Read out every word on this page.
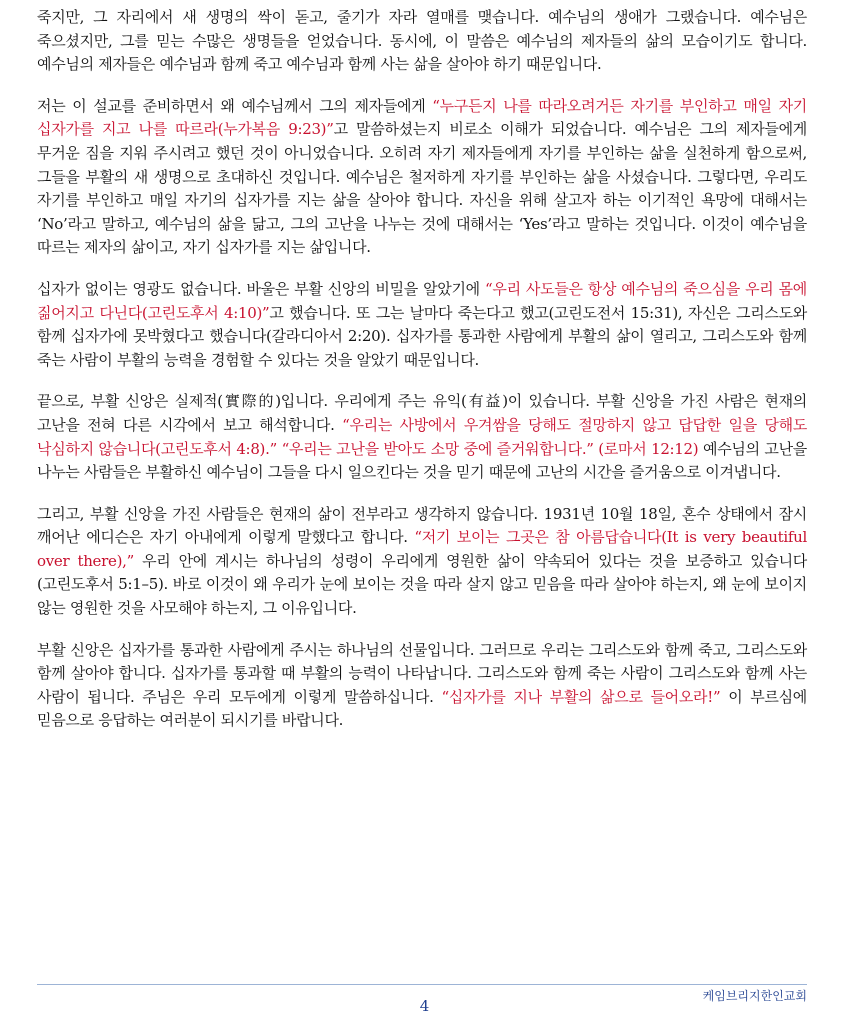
죽지만, 그 자리에서 새 생명의 싹이 돋고, 줄기가 자라 열매를 맺습니다. 예수님의 생애가 그랬습니다. 예수님은 죽으셨지만, 그를 믿는 수많은 생명들을 얻었습니다. 동시에, 이 말씀은 예수님의 제자들의 삶의 모습이기도 합니다. 예수님의 제자들은 예수님과 함께 죽고 예수님과 함께 사는 삶을 살아야 하기 때문입니다.

저는 이 설교를 준비하면서 왜 예수님께서 그의 제자들에게 “누구든지 나를 따라오려거든 자기를 부인하고 매일 자기 십자가를 지고 나를 따르라(누가복음 9:23)”고 말씀하셨는지 비로소 이해가 되었습니다. 예수님은 그의 제자들에게 무거운 짐을 지워 주시려고 했던 것이 아니었습니다. 오히려 자기 제자들에게 자기를 부인하는 삶을 실천하게 함으로써, 그들을 부활의 새 생명으로 초대하신 것입니다. 예수님은 철저하게 자기를 부인하는 삶을 사셨습니다. 그렇다면, 우리도 자기를 부인하고 매일 자기의 십자가를 지는 삶을 살아야 합니다. 자신을 위해 살고자 하는 이기적인 욕망에 대해서는 ‘No’라고 말하고, 예수님의 삶을 닮고, 그의 고난을 나누는 것에 대해서는 ‘Yes’라고 말하는 것입니다. 이것이 예수님을 따르는 제자의 삶이고, 자기 십자가를 지는 삶입니다.

십자가 없이는 영광도 없습니다. 바울은 부활 신앙의 비밀을 알았기에 “우리 사도들은 항상 예수님의 죽으심을 우리 몸에 짊어지고 다닌다(고린도후서 4:10)”고 했습니다. 또 그는 날마다 죽는다고 했고(고린도전서 15:31), 자신은 그리스도와 함께 십자가에 못박혔다고 했습니다(갈라디아서 2:20). 십자가를 통과한 사람에게 부활의 삶이 열리고, 그리스도와 함께 죽는 사람이 부활의 능력을 경험할 수 있다는 것을 알았기 때문입니다.

끝으로, 부활 신앙은 실제적(實際的)입니다. 우리에게 주는 유익(有益)이 있습니다. 부활 신앙을 가진 사람은 현재의 고난을 전혀 다른 시각에서 보고 해석합니다. “우리는 사방에서 우겨쌈을 당해도 절망하지 않고 답답한 일을 당해도 낙심하지 않습니다(고린도후서 4:8).” “우리는 고난을 받아도 소망 중에 즐거워합니다.” (로마서 12:12) 예수님의 고난을 나누는 사람들은 부활하신 예수님이 그들을 다시 일으킨다는 것을 믿기 때문에 고난의 시간을 즐거움으로 이겨냅니다.

그리고, 부활 신앙을 가진 사람들은 현재의 삶이 전부라고 생각하지 않습니다. 1931년 10월 18일, 혼수 상태에서 잠시 깨어난 에디슨은 자기 아내에게 이렇게 말했다고 합니다. “저기 보이는 그곳은 참 아름답습니다(It is very beautiful over there),” 우리 안에 계시는 하나님의 성령이 우리에게 영원한 삶이 약속되어 있다는 것을 보증하고 있습니다(고린도후서 5:1–5). 바로 이것이 왜 우리가 눈에 보이는 것을 따라 살지 않고 믿음을 따라 살아야 하는지, 왜 눈에 보이지 않는 영원한 것을 사모해야 하는지, 그 이유입니다.

부활 신앙은 십자가를 통과한 사람에게 주시는 하나님의 선물입니다. 그러므로 우리는 그리스도와 함께 죽고, 그리스도와 함께 살아야 합니다. 십자가를 통과할 때 부활의 능력이 나타납니다. 그리스도와 함께 죽는 사람이 그리스도와 함께 사는 사람이 됩니다. 주님은 우리 모두에게 이렇게 말씀하십니다. “십자가를 지나 부활의 삶으로 들어오라!” 이 부르심에 믿음으로 응답하는 여러분이 되시기를 바랍니다.

4
케임브리지한인교회
